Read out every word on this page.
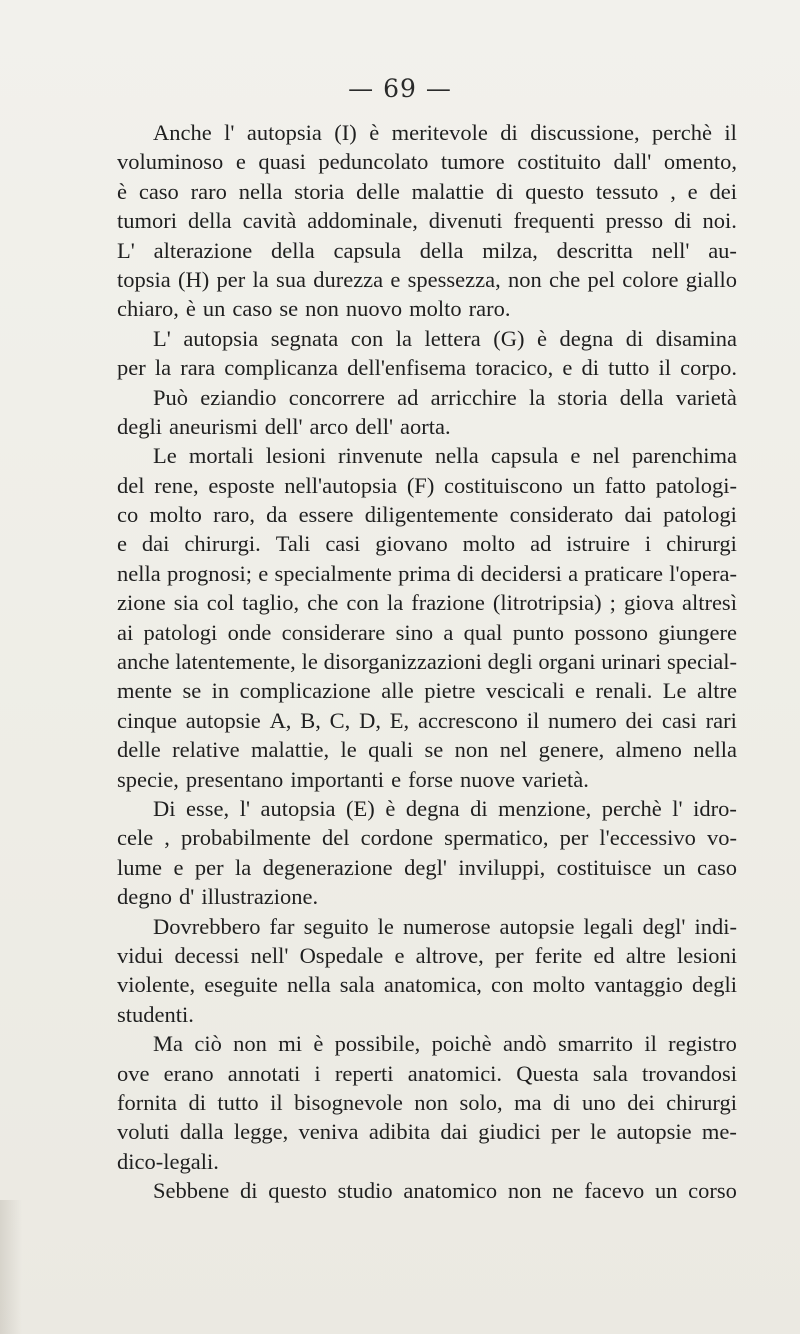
— 69 —
Anche l' autopsia (I) è meritevole di discussione, perchè il
voluminoso e quasi peduncolato tumore costituito dall' omento,
è caso raro nella storia delle malattie di questo tessuto , e dei
tumori della cavità addominale, divenuti frequenti presso di noi.
L' alterazione della capsula della milza, descritta nell' au-
topsia (H) per la sua durezza e spessezza, non che pel colore giallo
chiaro, è un caso se non nuovo molto raro.
L' autopsia segnata con la lettera (G) è degna di disamina
per la rara complicanza dell'enfisema toracico, e di tutto il corpo.
Può eziandio concorrere ad arricchire la storia della varietà
degli aneurismi dell' arco dell' aorta.
Le mortali lesioni rinvenute nella capsula e nel parenchima
del rene, esposte nell'autopsia (F) costituiscono un fatto patologi-
co molto raro, da essere diligentemente considerato dai patologi
e dai chirurgi. Tali casi giovano molto ad istruire i chirurgi
nella prognosi; e specialmente prima di decidersi a praticare l'opera-
zione sia col taglio, che con la frazione (litrotripsia) ; giova altresì
ai patologi onde considerare sino a qual punto possono giungere
anche latentemente, le disorganizzazioni degli organi urinari special-
mente se in complicazione alle pietre vescicali e renali. Le altre
cinque autopsie A, B, C, D, E, accrescono il numero dei casi rari
delle relative malattie, le quali se non nel genere, almeno nella
specie, presentano importanti e forse nuove varietà.
Di esse, l' autopsia (E) è degna di menzione, perchè l' idro-
cele , probabilmente del cordone spermatico, per l'eccessivo vo-
lume e per la degenerazione degl' inviluppi, costituisce un caso
degno d' illustrazione.
Dovrebbero far seguito le numerose autopsie legali degl' indi-
vidui decessi nell' Ospedale e altrove, per ferite ed altre lesioni
violente, eseguite nella sala anatomica, con molto vantaggio degli
studenti.
Ma ciò non mi è possibile, poichè andò smarrito il registro
ove erano annotati i reperti anatomici. Questa sala trovandosi
fornita di tutto il bisognevole non solo, ma di uno dei chirurgi
voluti dalla legge, veniva adibita dai giudici per le autopsie me-
dico-legali.
Sebbene di questo studio anatomico non ne facevo un corso
